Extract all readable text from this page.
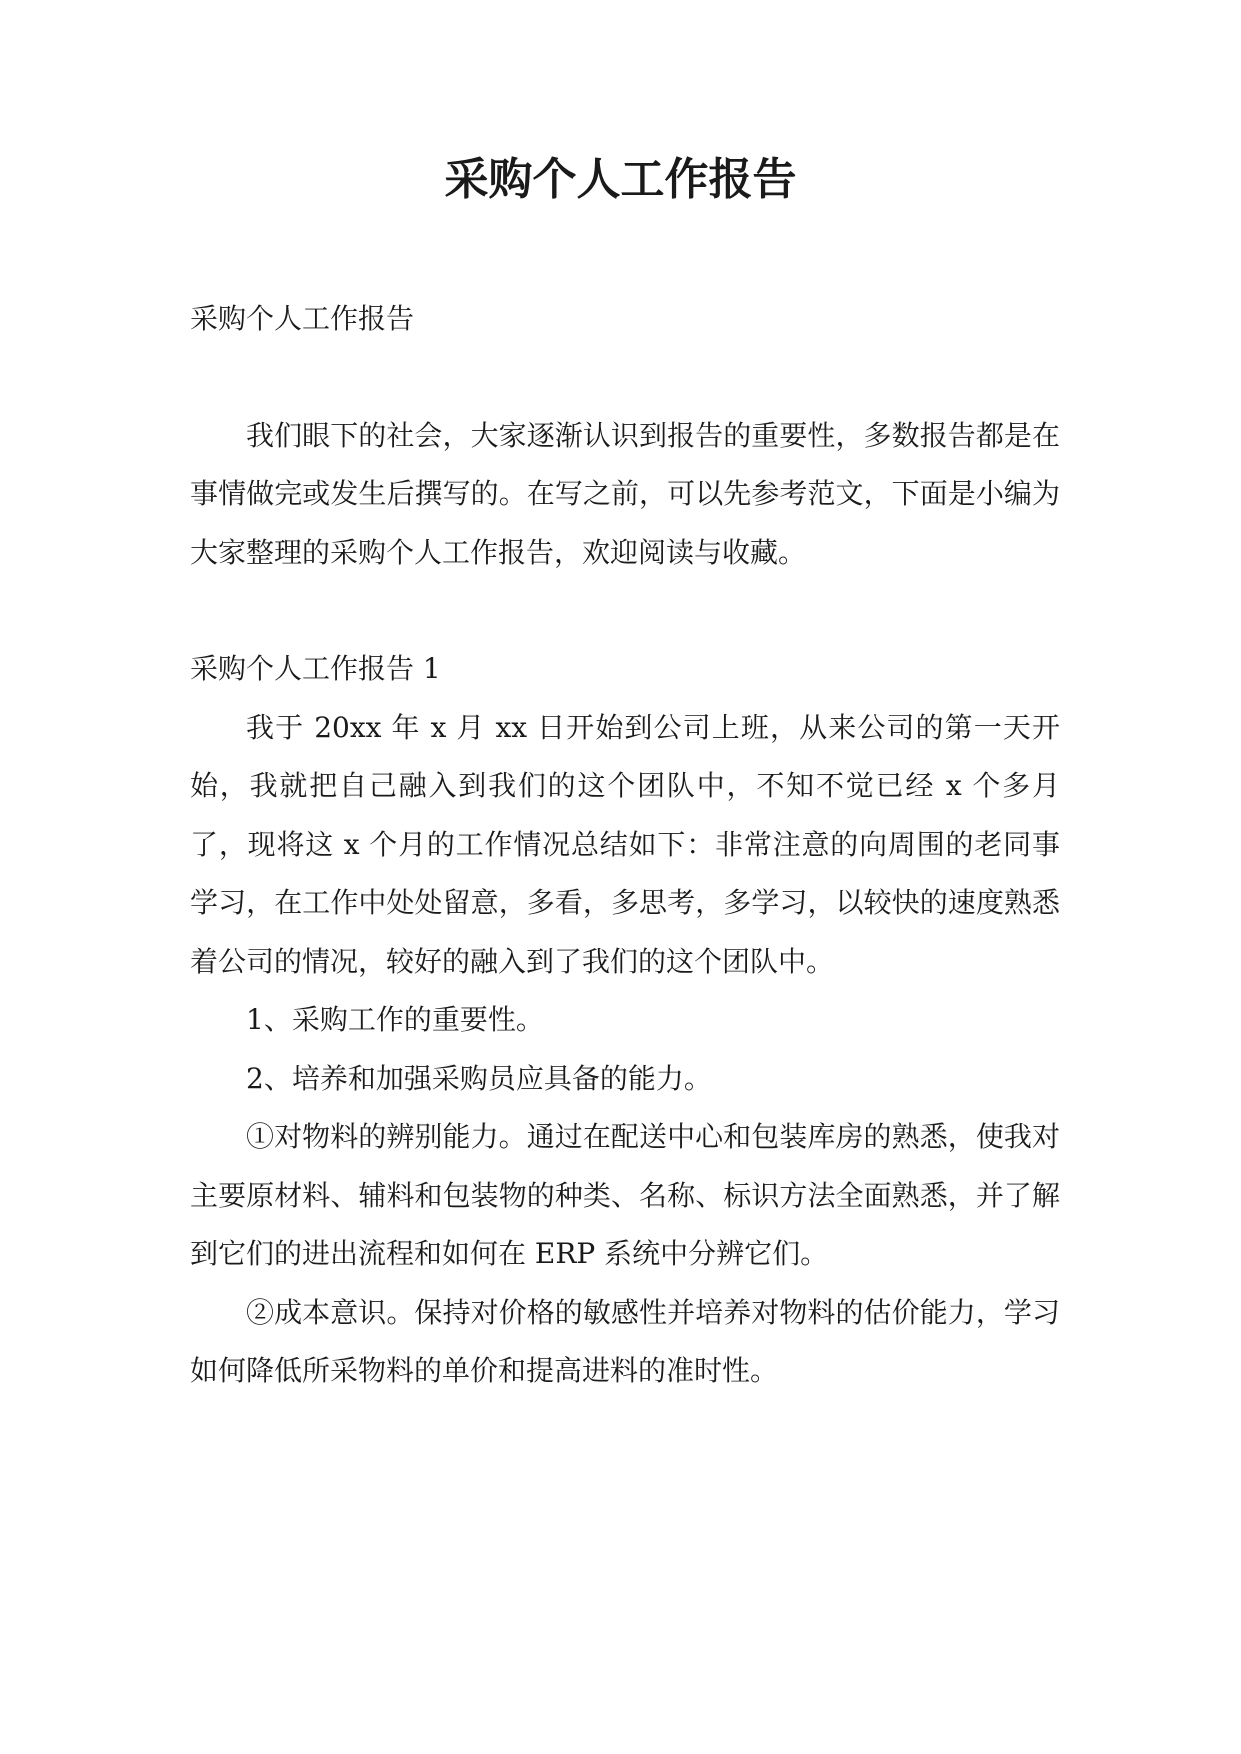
采购个人工作报告

采购个人工作报告

我们眼下的社会，大家逐渐认识到报告的重要性，多数报告都是在事情做完或发生后撰写的。在写之前，可以先参考范文，下面是小编为大家整理的采购个人工作报告，欢迎阅读与收藏。

采购个人工作报告 1

我于 20xx 年 x 月 xx 日开始到公司上班，从来公司的第一天开始，我就把自己融入到我们的这个团队中，不知不觉已经 x 个多月了，现将这 x 个月的工作情况总结如下：非常注意的向周围的老同事学习，在工作中处处留意，多看，多思考，多学习，以较快的速度熟悉着公司的情况，较好的融入到了我们的这个团队中。

1、采购工作的重要性。

2、培养和加强采购员应具备的能力。

①对物料的辨别能力。通过在配送中心和包装库房的熟悉，使我对主要原材料、辅料和包装物的种类、名称、标识方法全面熟悉，并了解到它们的进出流程和如何在 ERP 系统中分辨它们。

②成本意识。保持对价格的敏感性并培养对物料的估价能力，学习如何降低所采物料的单价和提高进料的准时性。
